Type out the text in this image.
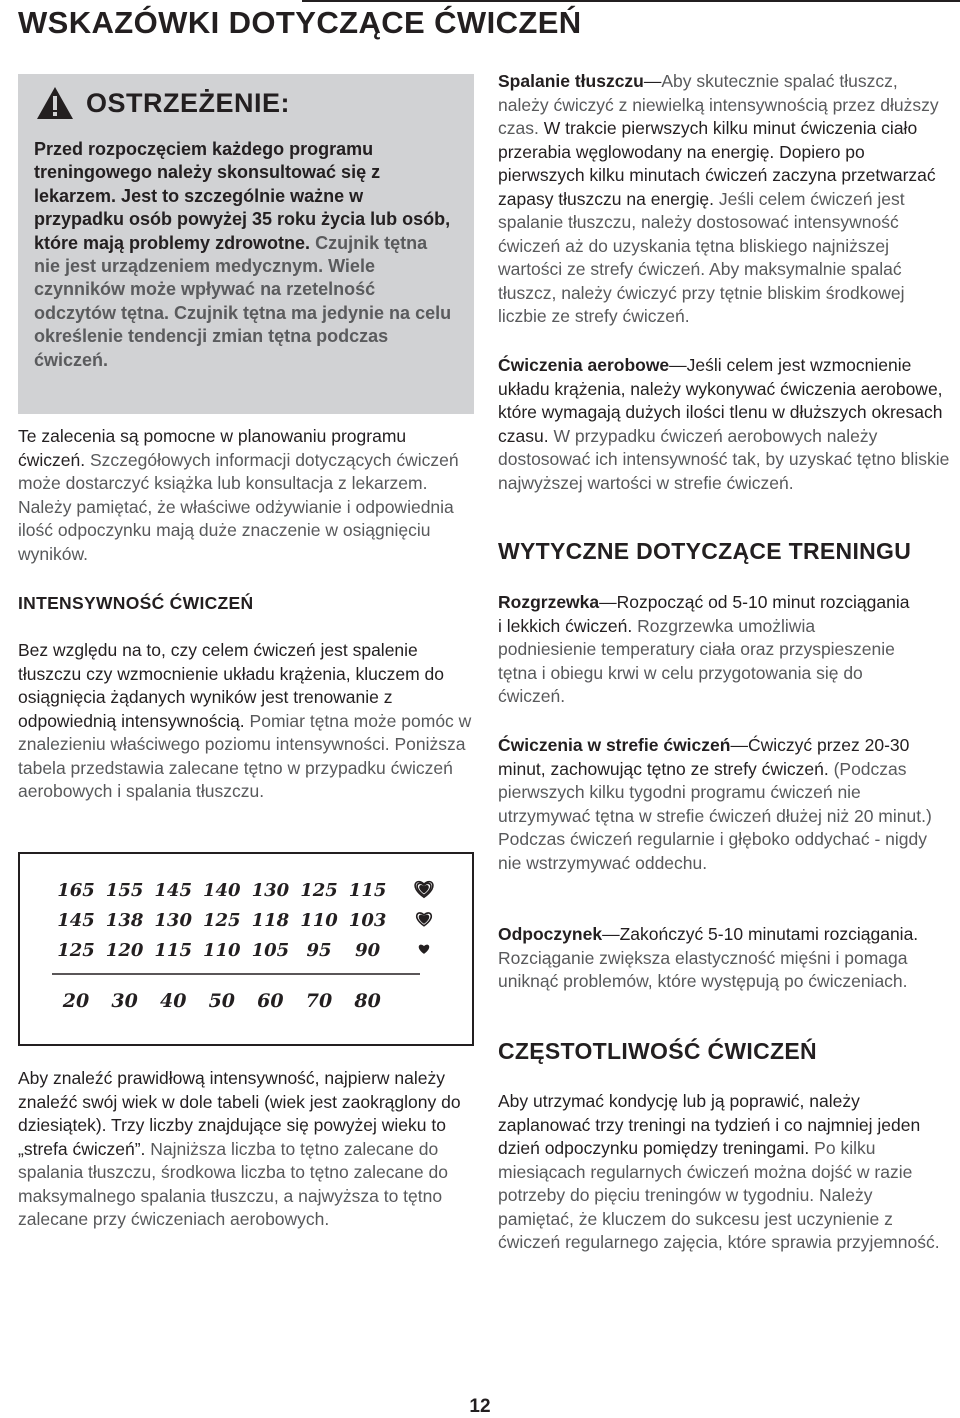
WSKAZÓWKI DOTYCZĄCE ĆWICZEŃ
OSTRZEŻENIE:

Przed rozpoczęciem każdego programu treningowego należy skonsultować się z lekarzem. Jest to szczególnie ważne w przypadku osób powyżej 35 roku życia lub osób, które mają problemy zdrowotne. Czujnik tętna nie jest urządzeniem medycznym. Wiele czynników może wpływać na rzetelność odczytów tętna. Czujnik tętna ma jedynie na celu określenie tendencji zmian tętna podczas ćwiczeń.

Te zalecenia są pomocne w planowaniu programu ćwiczeń. Szczegółowych informacji dotyczących ćwiczeń może dostarczyć książka lub konsultacja z lekarzem. Należy pamiętać, że właściwe odżywianie i odpowiednia ilość odpoczynku mają duże znaczenie w osiągnięciu wyników.
INTENSYWNOŚĆ ĆWICZEŃ
Bez względu na to, czy celem ćwiczeń jest spalenie tłuszczu czy wzmocnienie układu krążenia, kluczem do osiągnięcia żądanych wyników jest trenowanie z odpowiednią intensywnością. Pomiar tętna może pomóc w znalezieniu właściwego poziomu intensywności. Poniższa tabela przedstawia zalecane tętno w przypadku ćwiczeń aerobowych i spalania tłuszczu.
165 155 145 140 130 125 115
145 138 130 125 118 110 103
125 120 115 110 105 95 90
20 30 40 50 60 70 80
Aby znaleźć prawidłową intensywność, najpierw należy znaleźć swój wiek w dole tabeli (wiek jest zaokrąglony do dziesiątek). Trzy liczby znajdujące się powyżej wieku to „strefa ćwiczeń”. Najniższa liczba to tętno zalecane do spalania tłuszczu, środkowa liczba to tętno zalecane do maksymalnego spalania tłuszczu, a najwyższa to tętno zalecane przy ćwiczeniach aerobowych.
Spalanie tłuszczu—Aby skutecznie spalać tłuszcz, należy ćwiczyć z niewielką intensywnością przez dłuższy czas. W trakcie pierwszych kilku minut ćwiczenia ciało przerabia węglowodany na energię. Dopiero po pierwszych kilku minutach ćwiczeń zaczyna przetwarzać zapasy tłuszczu na energię. Jeśli celem ćwiczeń jest spalanie tłuszczu, należy dostosować intensywność ćwiczeń aż do uzyskania tętna bliskiego najniższej wartości ze strefy ćwiczeń. Aby maksymalnie spalać tłuszcz, należy ćwiczyć przy tętnie bliskim środkowej liczbie ze strefy ćwiczeń.
Ćwiczenia aerobowe—Jeśli celem jest wzmocnienie układu krążenia, należy wykonywać ćwiczenia aerobowe, które wymagają dużych ilości tlenu w dłuższych okresach czasu. W przypadku ćwiczeń aerobowych należy dostosować ich intensywność tak, by uzyskać tętno bliskie najwyższej wartości w strefie ćwiczeń.
WYTYCZNE DOTYCZĄCE TRENINGU
Rozgrzewka—Rozpocząć od 5-10 minut rozciągania i lekkich ćwiczeń. Rozgrzewka umożliwia podniesienie temperatury ciała oraz przyspieszenie tętna i obiegu krwi w celu przygotowania się do ćwiczeń.
Ćwiczenia w strefie ćwiczeń—Ćwiczyć przez 20-30 minut, zachowując tętno ze strefy ćwiczeń. (Podczas pierwszych kilku tygodni programu ćwiczeń nie utrzymywać tętna w strefie ćwiczeń dłużej niż 20 minut.) Podczas ćwiczeń regularnie i głęboko oddychać - nigdy nie wstrzymywać oddechu.
Odpoczynek—Zakończyć 5-10 minutami rozciągania. Rozciąganie zwiększa elastyczność mięśni i pomaga uniknąć problemów, które występują po ćwiczeniach.
CZĘSTOTLIWOŚĆ ĆWICZEŃ
Aby utrzymać kondycję lub ją poprawić, należy zaplanować trzy treningi na tydzień i co najmniej jeden dzień odpoczynku pomiędzy treningami. Po kilku miesiącach regularnych ćwiczeń można dojść w razie potrzeby do pięciu treningów w tygodniu. Należy pamiętać, że kluczem do sukcesu jest uczynienie z ćwiczeń regularnego zajęcia, które sprawia przyjemność.
12
